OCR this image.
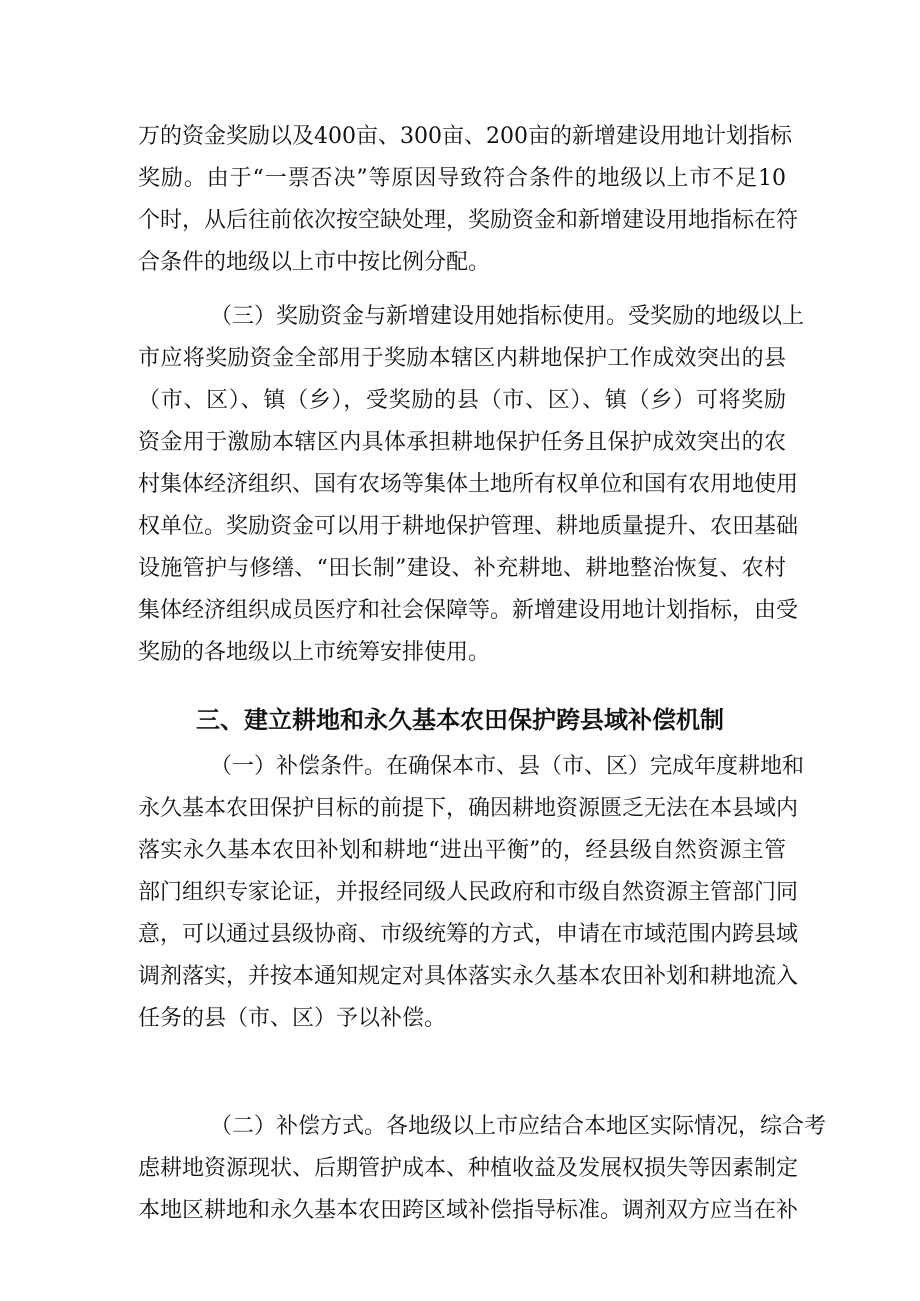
万的资金奖励以及400亩、300亩、200亩的新增建设用地计划指标
奖励。由于“一票否决”等原因导致符合条件的地级以上市不足10
个时，从后往前依次按空缺处理，奖励资金和新增建设用地指标在符
合条件的地级以上市中按比例分配。
（三）奖励资金与新增建设用她指标使用。受奖励的地级以上
市应将奖励资金全部用于奖励本辖区内耕地保护工作成效突出的县
（市、区）、镇（乡），受奖励的县（市、区）、镇（乡）可将奖励
资金用于激励本辖区内具体承担耕地保护任务且保护成效突出的农
村集体经济组织、国有农场等集体土地所有权单位和国有农用地使用
权单位。奖励资金可以用于耕地保护管理、耕地质量提升、农田基础
设施管护与修缮、“田长制”建设、补充耕地、耕地整治恢复、农村
集体经济组织成员医疗和社会保障等。新增建设用地计划指标，由受
奖励的各地级以上市统筹安排使用。
三、建立耕地和永久基本农田保护跨县域补偿机制
（一）补偿条件。在确保本市、县（市、区）完成年度耕地和
永久基本农田保护目标的前提下，确因耕地资源匮乏无法在本县域内
落实永久基本农田补划和耕地“进出平衡”的，经县级自然资源主管
部门组织专家论证，并报经同级人民政府和市级自然资源主管部门同
意，可以通过县级协商、市级统筹的方式，申请在市域范围内跨县域
调剂落实，并按本通知规定对具体落实永久基本农田补划和耕地流入
任务的县（市、区）予以补偿。
（二）补偿方式。各地级以上市应结合本地区实际情况，综合考
虑耕地资源现状、后期管护成本、种植收益及发展权损失等因素制定
本地区耕地和永久基本农田跨区域补偿指导标准。调剂双方应当在补
